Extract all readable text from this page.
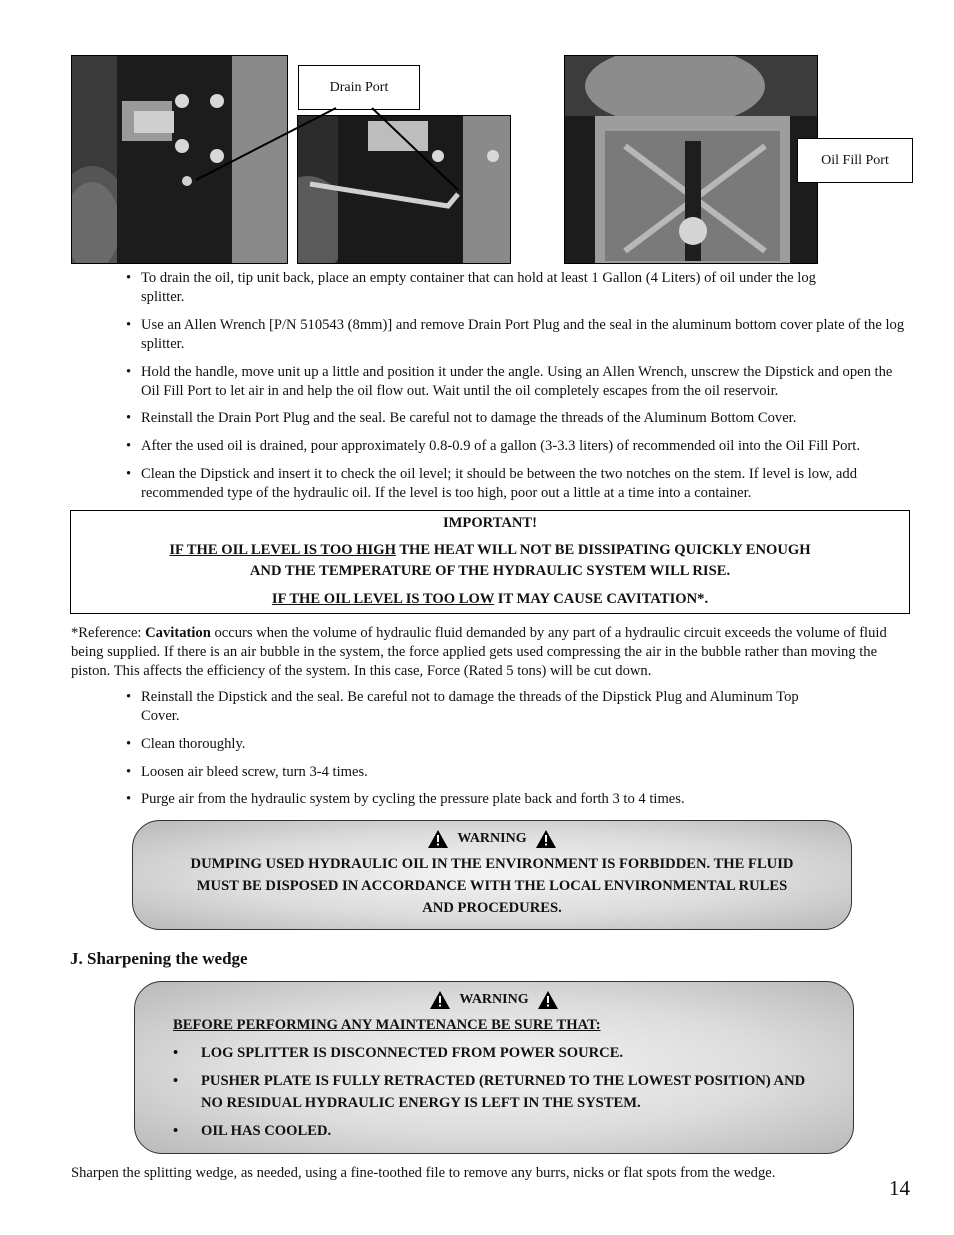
Drain Port
Oil Fill Port
• To drain the oil, tip unit back, place an empty container that can hold at least 1 Gallon (4 Liters) of oil under the log splitter.
• Use an Allen Wrench [P/N 510543 (8mm)] and remove Drain Port Plug and the seal in the aluminum bottom cover plate of the log splitter.
• Hold the handle, move unit up a little and position it under the angle. Using an Allen Wrench, unscrew the Dipstick and open the Oil Fill Port to let air in and help the oil flow out. Wait until the oil completely escapes from the oil reservoir.
• Reinstall the Drain Port Plug and the seal. Be careful not to damage the threads of the Aluminum Bottom Cover.
• After the used oil is drained, pour approximately 0.8-0.9 of a gallon (3-3.3 liters) of recommended oil into the Oil Fill Port.
• Clean the Dipstick and insert it to check the oil level; it should be between the two notches on the stem. If level is low, add recommended type of the hydraulic oil. If the level is too high, poor out a little at a time into a container.

IMPORTANT!

IF THE OIL LEVEL IS TOO HIGH THE HEAT WILL NOT BE DISSIPATING QUICKLY ENOUGH

AND THE TEMPERATURE OF THE HYDRAULIC SYSTEM WILL RISE.

IF THE OIL LEVEL IS TOO LOW IT MAY CAUSE CAVITATION*.

*Reference: Cavitation occurs when the volume of hydraulic fluid demanded by any part of a hydraulic circuit exceeds the volume of fluid being supplied. If there is an air bubble in the system, the force applied gets used compressing the air in the bubble rather than moving the piston. This affects the efficiency of the system. In this case, Force (Rated 5 tons) will be cut down.
• Reinstall the Dipstick and the seal. Be careful not to damage the threads of the Dipstick Plug and Aluminum Top Cover.
• Clean thoroughly.
• Loosen air bleed screw, turn 3-4 times.
• Purge air from the hydraulic system by cycling the pressure plate back and forth 3 to 4 times.
WARNING
DUMPING USED HYDRAULIC OIL IN THE ENVIRONMENT IS FORBIDDEN. THE FLUID
MUST BE DISPOSED IN ACCORDANCE WITH THE LOCAL ENVIRONMENTAL RULES
AND PROCEDURES.
J. Sharpening the wedge
WARNING
BEFORE PERFORMING ANY MAINTENANCE BE SURE THAT:
• LOG SPLITTER IS DISCONNECTED FROM POWER SOURCE.
• PUSHER PLATE IS FULLY RETRACTED (RETURNED TO THE LOWEST POSITION) AND NO RESIDUAL HYDRAULIC ENERGY IS LEFT IN THE SYSTEM.
• OIL HAS COOLED.
Sharpen the splitting wedge, as needed, using a fine-toothed file to remove any burrs, nicks or flat spots from the wedge.
14
